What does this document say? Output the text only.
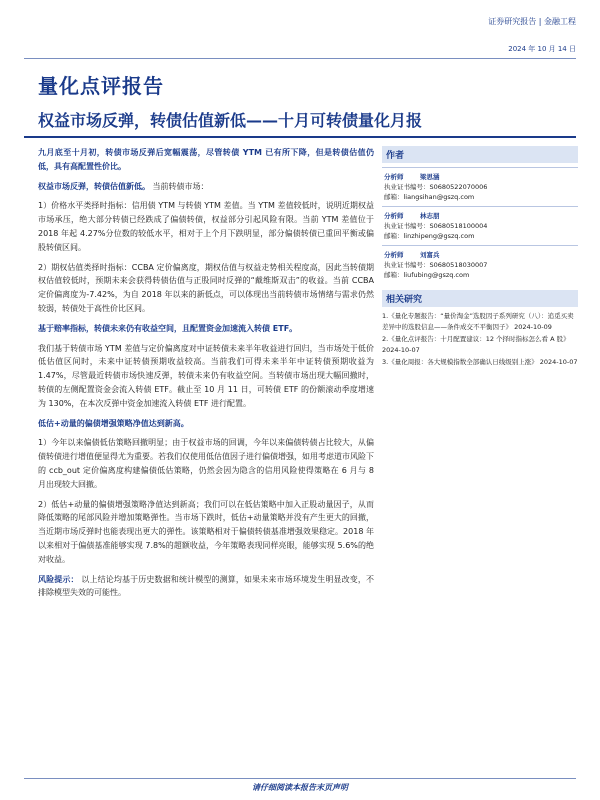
证券研究报告 | 金融工程
2024 年 10 月 14 日
量化点评报告
权益市场反弹，转债估值新低——十月可转债量化月报

九月底至十月初，转债市场反弹后宽幅震荡，尽管转债 YTM 已有所下降，但是转债估值仍低，具有高配置性价比。

权益市场反弹，转债估值新低。 当前转债市场：

1）价格水平类择时指标：信用债 YTM 与转债 YTM 差值。当 YTM 差值较低时，说明近期权益市场承压，绝大部分转债已经跌成了偏债转债，权益部分引起风险有限。当前 YTM 差值位于 2018 年起 4.27%分位数的较低水平，相对于上个月下跌明显，部分偏债转债已重回平衡或偏股转债区间。

2）期权估值类择时指标：CCBA 定价偏离度，期权估值与权益走势相关程度高，因此当转债期权估值较低时，预期未来会获得转债估值与正股同时反弹的“戴维斯双击”的收益。当前 CCBA 定价偏离度为-7.42%，为自 2018 年以来的新低点，可以体现出当前转债市场情绪与需求仍然较弱，转债处于高性价比区间。

基于赔率指标，转债未来仍有收益空间，且配置资金加速流入转债 ETF。

我们基于转债市场 YTM 差值与定价偏离度对中证转债未来半年收益进行回归，当市场处于低价低估值区间时，未来中证转债预期收益较高。当前我们可得未来半年中证转债预期收益为 1.47%，尽管最近转债市场快速反弹，转债未来仍有收益空间。当转债市场出现大幅回撤时，转债的左侧配置资金会流入转债 ETF。截止至 10 月 11 日，可转债 ETF 的份额滚动季度增速为 130%，在本次反弹中资金加速流入转债 ETF 进行配置。

低估+动量的偏债增强策略净值达到新高。

1）今年以来偏债低估策略回撤明显；由于权益市场的回调，今年以来偏债转债占比较大，从偏债转债进行增值便显得尤为重要。若我们仅使用低估值因子进行偏债增强，如用考虑道市风险下的 ccb_out 定价偏离度构建偏债低估策略，仍然会因为隐含的信用风险使得策略在 6 月与 8 月出现较大回撤。

2）低估+动量的偏债增强策略净值达到新高；我们可以在低估策略中加入正股动量因子，从而降低策略的尾部风险并增加策略弹性。当市场下跌时，低估+动量策略并没有产生更大的回撤，当近期市场反弹时也能表现出更大的弹性。该策略相对于偏债转债基准增强效果稳定。2018 年以来相对于偏债基准能够实现 7.8%的超额收益，今年策略表现同样亮眼，能够实现 5.6%的绝对收益。

风险提示： 以上结论均基于历史数据和统计模型的测算，如果未来市场环境发生明显改变，不排除模型失效的可能性。

作者
分析师	梁思涵
执业证书编号：S0680522070006
邮箱：liangsihan@gszq.com
分析师	林志朋
执业证书编号：S0680518100004
邮箱：linzhipeng@gszq.com
分析师	刘富兵
执业证书编号：S0680518030007
邮箱：liufubing@gszq.com
相关研究
1.《量化专题报告：“量价淘金”选股因子系列研究（八）：追觅买卖差异中的选股信息——条件成交不平衡因子》 2024-10-09
2.《量化点评报告：十月配置建议：12 个择时指标怎么看 A 股》 2024-10-07
3.《量化周报：各大规模指数全部确认日线级别上涨》 2024-10-07
请仔细阅读本报告末页声明
